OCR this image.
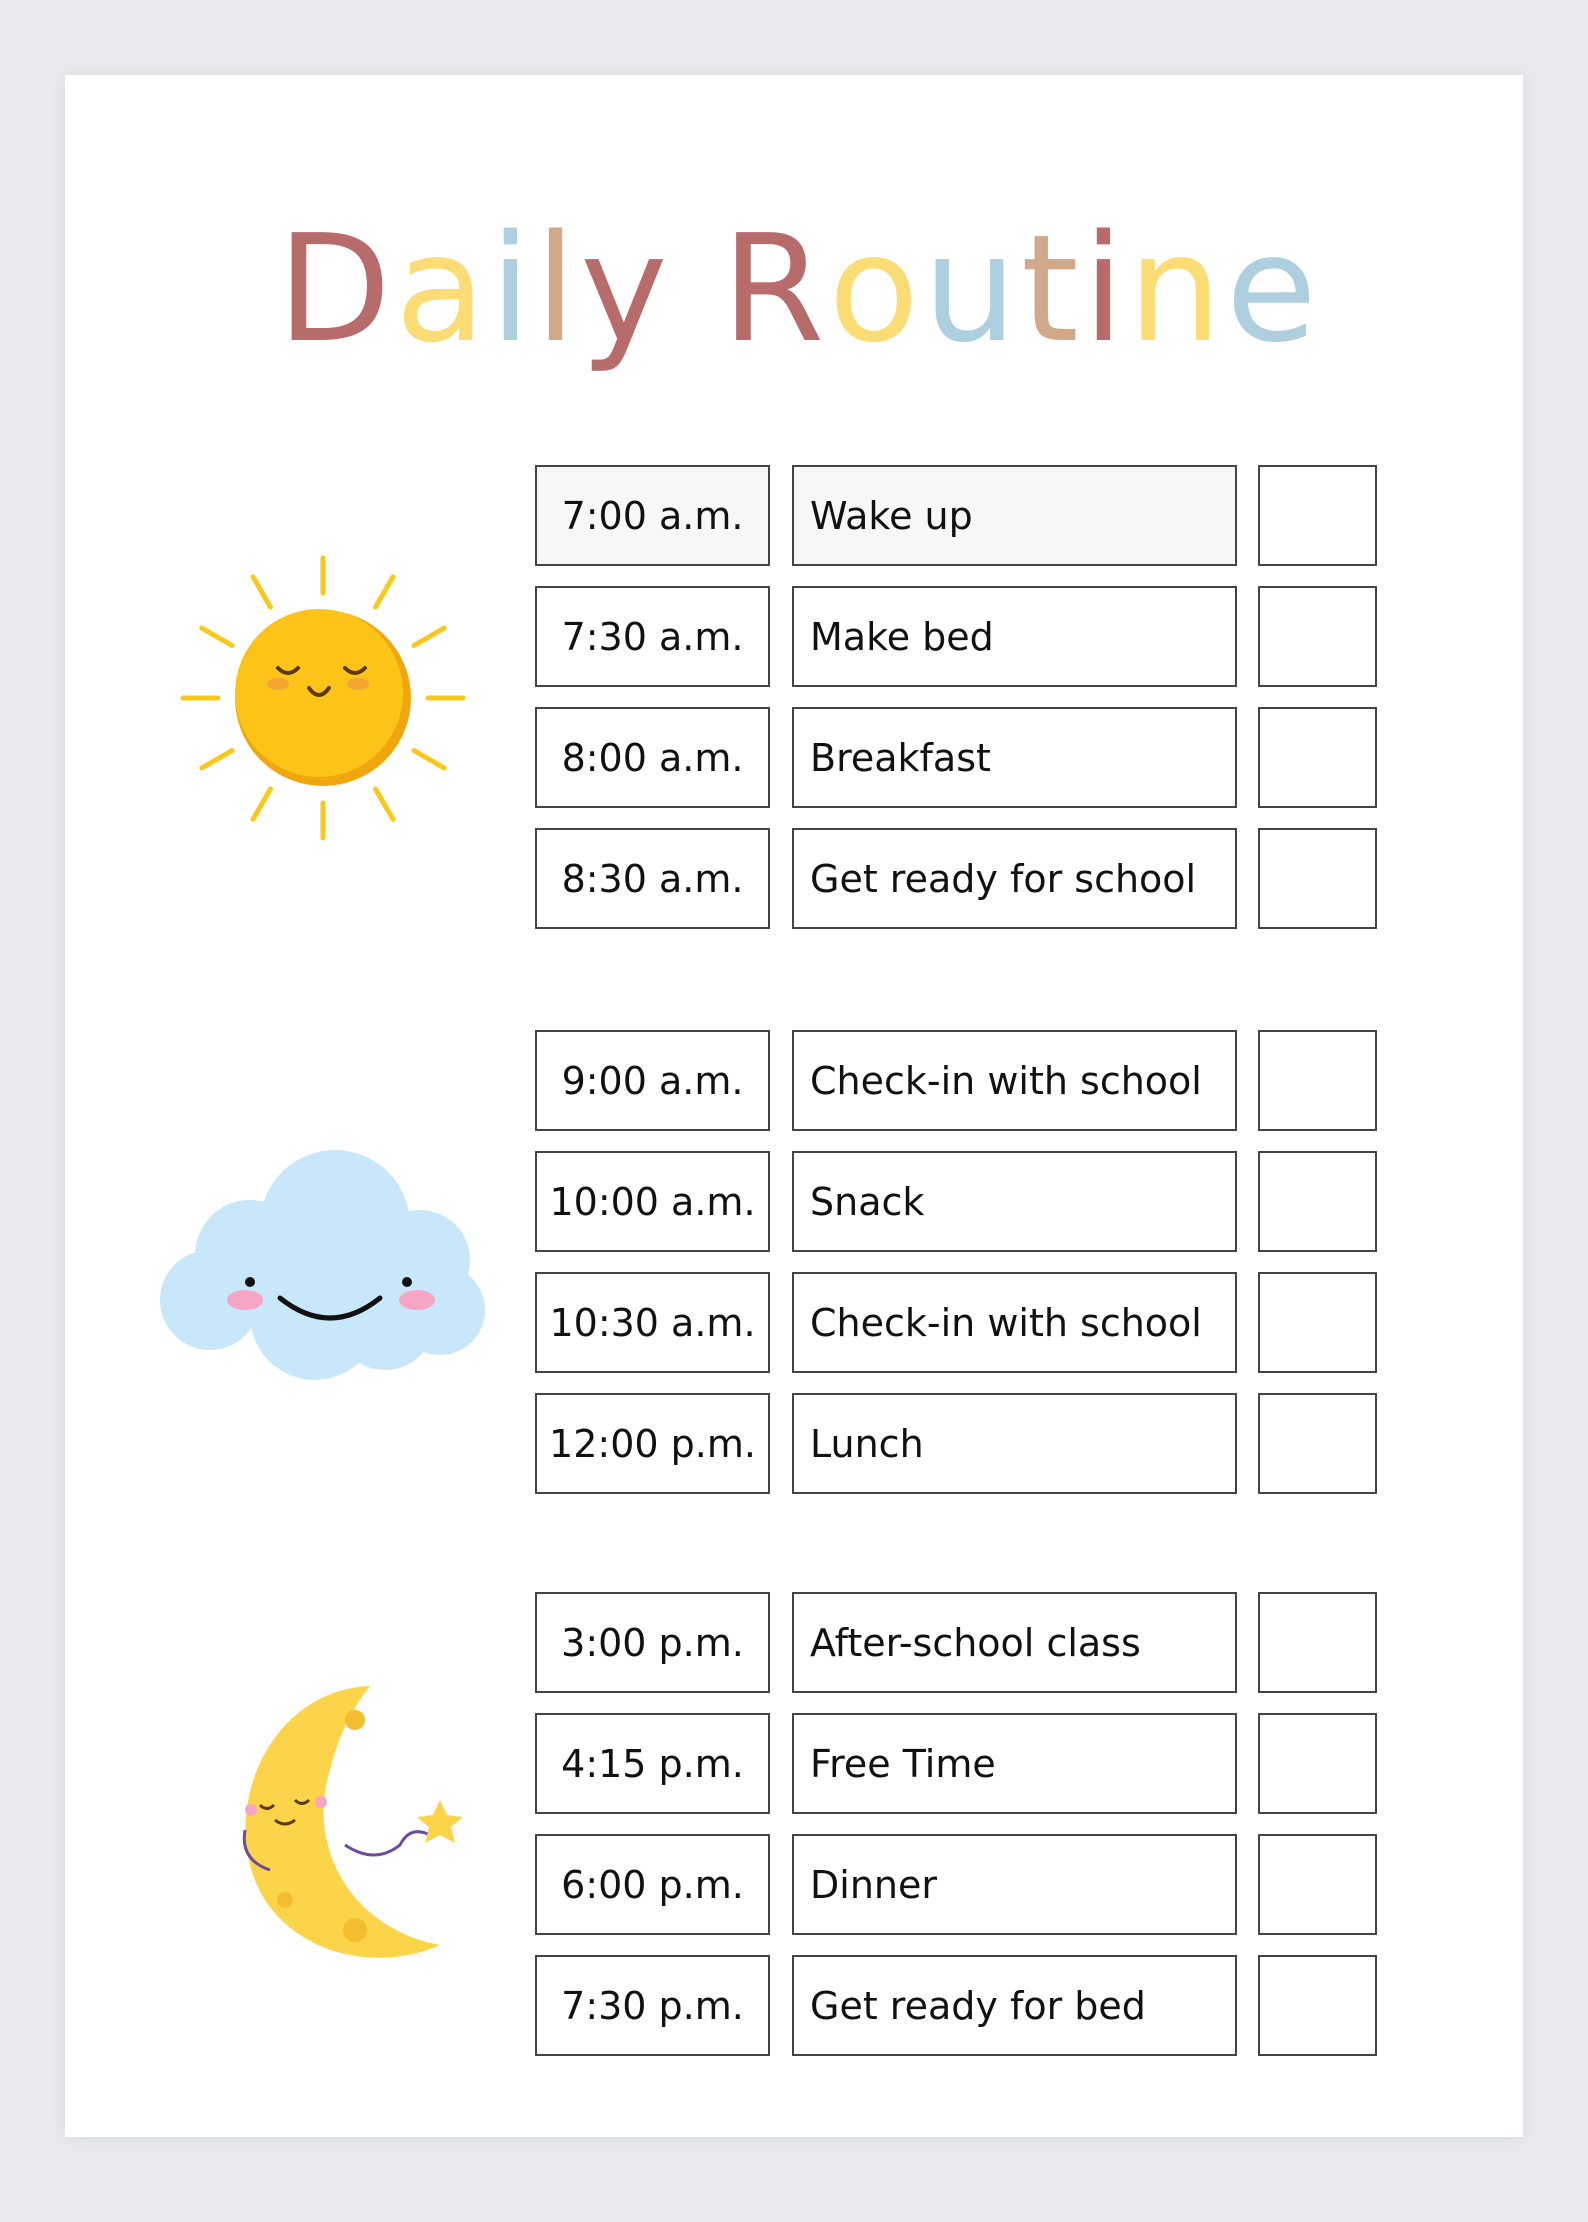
Daily Routine
7:00 a.m.	Wake up
7:30 a.m.	Make bed
8:00 a.m.	Breakfast
8:30 a.m.	Get ready for school
9:00 a.m.	Check-in with school
10:00 a.m.	Snack
10:30 a.m.	Check-in with school
12:00 p.m.	Lunch
3:00 p.m.	After-school class
4:15 p.m.	Free Time
6:00 p.m.	Dinner
7:30 p.m.	Get ready for bed
